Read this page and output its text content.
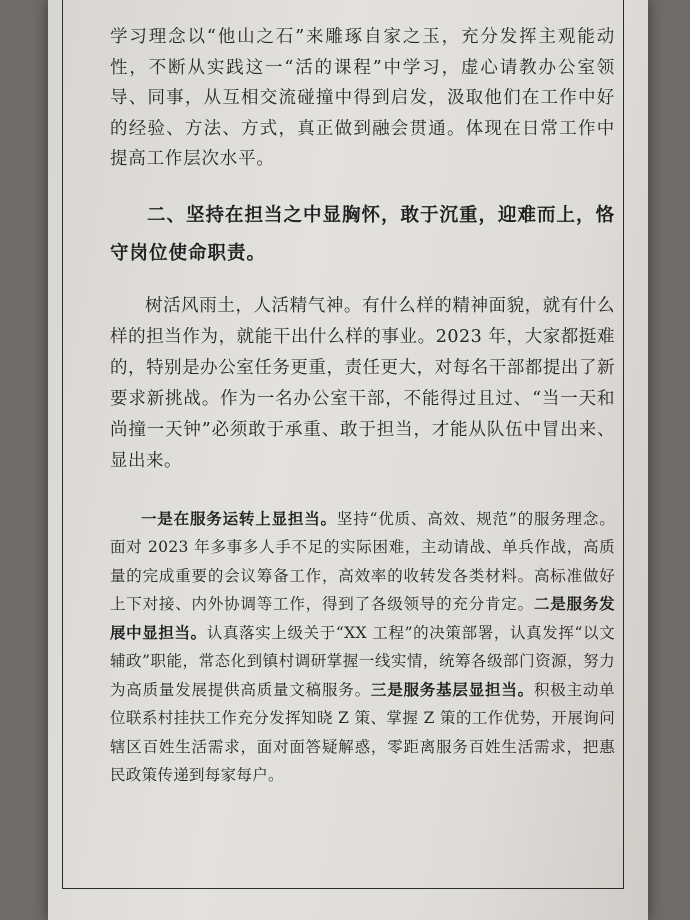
学习理念以“他山之石”来雕琢自家之玉，充分发挥主观能动性，不断从实践这一“活的课程”中学习，虚心请教办公室领导、同事，从互相交流碰撞中得到启发，汲取他们在工作中好的经验、方法、方式，真正做到融会贯通。体现在日常工作中提高工作层次水平。

二、坚持在担当之中显胸怀，敢于沉重，迎难而上，恪守岗位使命职责。

树活风雨土，人活精气神。有什么样的精神面貌，就有什么样的担当作为，就能干出什么样的事业。2023 年，大家都挺难的，特别是办公室任务更重，责任更大，对每名干部都提出了新要求新挑战。作为一名办公室干部，不能得过且过、“当一天和尚撞一天钟”必须敢于承重、敢于担当，才能从队伍中冒出来、显出来。

一是在服务运转上显担当。坚持“优质、高效、规范”的服务理念。面对 2023 年多事多人手不足的实际困难，主动请战、单兵作战，高质量的完成重要的会议筹备工作，高效率的收转发各类材料。高标准做好上下对接、内外协调等工作，得到了各级领导的充分肯定。二是服务发展中显担当。认真落实上级关于“XX 工程”的决策部署，认真发挥“以文辅政”职能，常态化到镇村调研掌握一线实情，统筹各级部门资源，努力为高质量发展提供高质量文稿服务。三是服务基层显担当。积极主动单位联系村挂扶工作充分发挥知晓 Z 策、掌握 Z 策的工作优势，开展询问辖区百姓生活需求，面对面答疑解惑，零距离服务百姓生活需求，把惠民政策传递到每家每户。
